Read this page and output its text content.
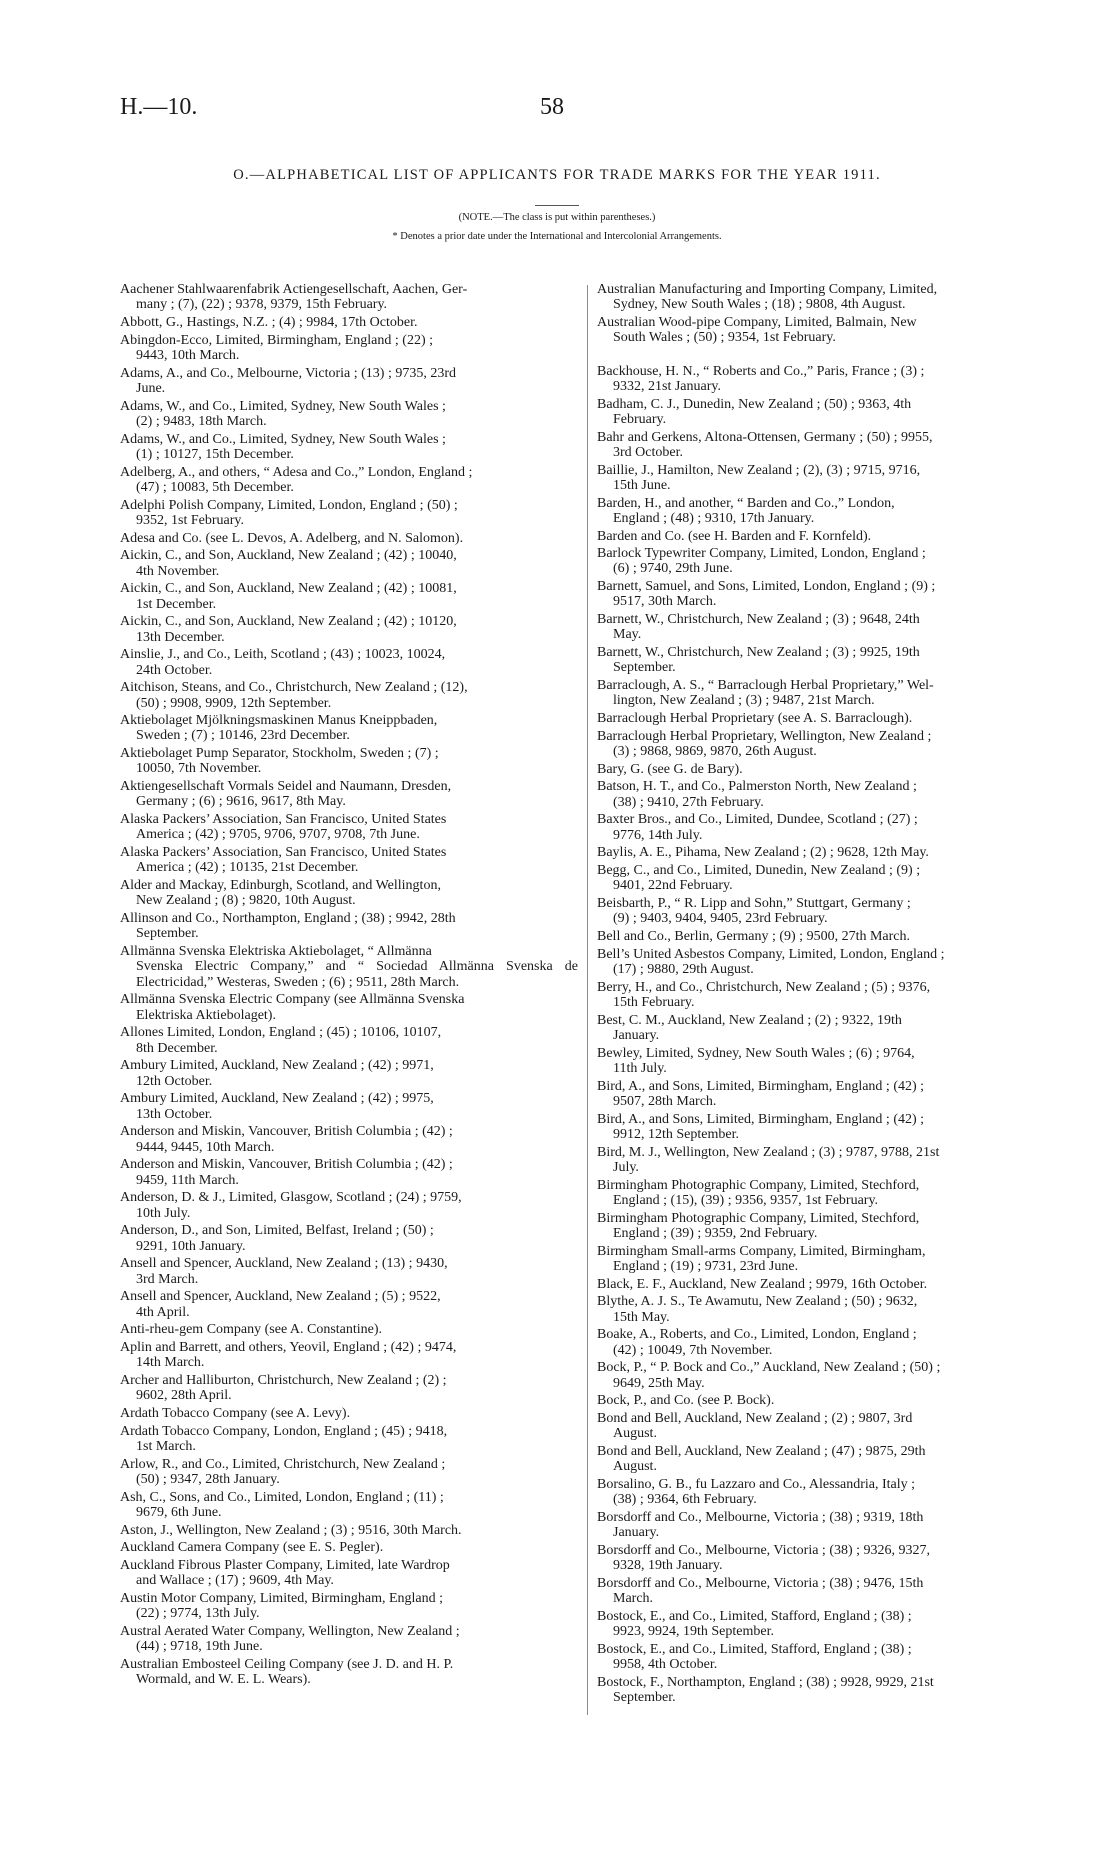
H.—10.	58
O.—ALPHABETICAL LIST OF APPLICANTS FOR TRADE MARKS FOR THE YEAR 1911.
(NOTE.—The class is put within parentheses.)
* Denotes a prior date under the International and Intercolonial Arrangements.
Aachener Stahlwaarenfabrik Actiengesellschaft, Aachen, Ger-
many ; (7), (22) ; 9378, 9379, 15th February.
Abbott, G., Hastings, N.Z. ; (4) ; 9984, 17th October.
Abingdon-Ecco, Limited, Birmingham, England ; (22) ;
9443, 10th March.
Adams, A., and Co., Melbourne, Victoria ; (13) ; 9735, 23rd
June.
Adams, W., and Co., Limited, Sydney, New South Wales ;
(2) ; 9483, 18th March.
Adams, W., and Co., Limited, Sydney, New South Wales ;
(1) ; 10127, 15th December.
Adelberg, A., and others, “ Adesa and Co.,” London, England ;
(47) ; 10083, 5th December.
Adelphi Polish Company, Limited, London, England ; (50) ;
9352, 1st February.
Adesa and Co. (see L. Devos, A. Adelberg, and N. Salomon).
Aickin, C., and Son, Auckland, New Zealand ; (42) ; 10040,
4th November.
Aickin, C., and Son, Auckland, New Zealand ; (42) ; 10081,
1st December.
Aickin, C., and Son, Auckland, New Zealand ; (42) ; 10120,
13th December.
Ainslie, J., and Co., Leith, Scotland ; (43) ; 10023, 10024,
24th October.
Aitchison, Steans, and Co., Christchurch, New Zealand ; (12),
(50) ; 9908, 9909, 12th September.
Aktiebolaget Mjölkningsmaskinen Manus Kneippbaden,
Sweden ; (7) ; 10146, 23rd December.
Aktiebolaget Pump Separator, Stockholm, Sweden ; (7) ;
10050, 7th November.
Aktiengesellschaft Vormals Seidel and Naumann, Dresden,
Germany ; (6) ; 9616, 9617, 8th May.
Alaska Packers’ Association, San Francisco, United States
America ; (42) ; 9705, 9706, 9707, 9708, 7th June.
Alaska Packers’ Association, San Francisco, United States
America ; (42) ; 10135, 21st December.
Alder and Mackay, Edinburgh, Scotland, and Wellington,
New Zealand ; (8) ; 9820, 10th August.
Allinson and Co., Northampton, England ; (38) ; 9942, 28th
September.
Allmänna Svenska Elektriska Aktiebolaget, “ Allmänna
Svenska Electric Company,” and “ Sociedad Allmänna Svenska de Electricidad,” Westeras, Sweden ; (6) ; 9511, 28th March.
Allmänna Svenska Electric Company (see Allmänna Svenska
Elektriska Aktiebolaget).
Allones Limited, London, England ; (45) ; 10106, 10107,
8th December.
Ambury Limited, Auckland, New Zealand ; (42) ; 9971,
12th October.
Ambury Limited, Auckland, New Zealand ; (42) ; 9975,
13th October.
Anderson and Miskin, Vancouver, British Columbia ; (42) ;
9444, 9445, 10th March.
Anderson and Miskin, Vancouver, British Columbia ; (42) ;
9459, 11th March.
Anderson, D. & J., Limited, Glasgow, Scotland ; (24) ; 9759,
10th July.
Anderson, D., and Son, Limited, Belfast, Ireland ; (50) ;
9291, 10th January.
Ansell and Spencer, Auckland, New Zealand ; (13) ; 9430,
3rd March.
Ansell and Spencer, Auckland, New Zealand ; (5) ; 9522,
4th April.
Anti-rheu-gem Company (see A. Constantine).
Aplin and Barrett, and others, Yeovil, England ; (42) ; 9474,
14th March.
Archer and Halliburton, Christchurch, New Zealand ; (2) ;
9602, 28th April.
Ardath Tobacco Company (see A. Levy).
Ardath Tobacco Company, London, England ; (45) ; 9418,
1st March.
Arlow, R., and Co., Limited, Christchurch, New Zealand ;
(50) ; 9347, 28th January.
Ash, C., Sons, and Co., Limited, London, England ; (11) ;
9679, 6th June.
Aston, J., Wellington, New Zealand ; (3) ; 9516, 30th March.
Auckland Camera Company (see E. S. Pegler).
Auckland Fibrous Plaster Company, Limited, late Wardrop
and Wallace ; (17) ; 9609, 4th May.
Austin Motor Company, Limited, Birmingham, England ;
(22) ; 9774, 13th July.
Austral Aerated Water Company, Wellington, New Zealand ;
(44) ; 9718, 19th June.
Australian Embosteel Ceiling Company (see J. D. and H. P.
Wormald, and W. E. L. Wears).
Australian Manufacturing and Importing Company, Limited,
Sydney, New South Wales ; (18) ; 9808, 4th August.
Australian Wood-pipe Company, Limited, Balmain, New
South Wales ; (50) ; 9354, 1st February.
Backhouse, H. N., “ Roberts and Co.,” Paris, France ; (3) ;
9332, 21st January.
Badham, C. J., Dunedin, New Zealand ; (50) ; 9363, 4th
February.
Bahr and Gerkens, Altona-Ottensen, Germany ; (50) ; 9955,
3rd October.
Baillie, J., Hamilton, New Zealand ; (2), (3) ; 9715, 9716,
15th June.
Barden, H., and another, “ Barden and Co.,” London,
England ; (48) ; 9310, 17th January.
Barden and Co. (see H. Barden and F. Kornfeld).
Barlock Typewriter Company, Limited, London, England ;
(6) ; 9740, 29th June.
Barnett, Samuel, and Sons, Limited, London, England ; (9) ;
9517, 30th March.
Barnett, W., Christchurch, New Zealand ; (3) ; 9648, 24th
May.
Barnett, W., Christchurch, New Zealand ; (3) ; 9925, 19th
September.
Barraclough, A. S., “ Barraclough Herbal Proprietary,” Wel-
lington, New Zealand ; (3) ; 9487, 21st March.
Barraclough Herbal Proprietary (see A. S. Barraclough).
Barraclough Herbal Proprietary, Wellington, New Zealand ;
(3) ; 9868, 9869, 9870, 26th August.
Bary, G. (see G. de Bary).
Batson, H. T., and Co., Palmerston North, New Zealand ;
(38) ; 9410, 27th February.
Baxter Bros., and Co., Limited, Dundee, Scotland ; (27) ;
9776, 14th July.
Baylis, A. E., Pihama, New Zealand ; (2) ; 9628, 12th May.
Begg, C., and Co., Limited, Dunedin, New Zealand ; (9) ;
9401, 22nd February.
Beisbarth, P., “ R. Lipp and Sohn,” Stuttgart, Germany ;
(9) ; 9403, 9404, 9405, 23rd February.
Bell and Co., Berlin, Germany ; (9) ; 9500, 27th March.
Bell’s United Asbestos Company, Limited, London, England ;
(17) ; 9880, 29th August.
Berry, H., and Co., Christchurch, New Zealand ; (5) ; 9376,
15th February.
Best, C. M., Auckland, New Zealand ; (2) ; 9322, 19th
January.
Bewley, Limited, Sydney, New South Wales ; (6) ; 9764,
11th July.
Bird, A., and Sons, Limited, Birmingham, England ; (42) ;
9507, 28th March.
Bird, A., and Sons, Limited, Birmingham, England ; (42) ;
9912, 12th September.
Bird, M. J., Wellington, New Zealand ; (3) ; 9787, 9788, 21st
July.
Birmingham Photographic Company, Limited, Stechford,
England ; (15), (39) ; 9356, 9357, 1st February.
Birmingham Photographic Company, Limited, Stechford,
England ; (39) ; 9359, 2nd February.
Birmingham Small-arms Company, Limited, Birmingham,
England ; (19) ; 9731, 23rd June.
Black, E. F., Auckland, New Zealand ; 9979, 16th October.
Blythe, A. J. S., Te Awamutu, New Zealand ; (50) ; 9632,
15th May.
Boake, A., Roberts, and Co., Limited, London, England ;
(42) ; 10049, 7th November.
Bock, P., “ P. Bock and Co.,” Auckland, New Zealand ; (50) ;
9649, 25th May.
Bock, P., and Co. (see P. Bock).
Bond and Bell, Auckland, New Zealand ; (2) ; 9807, 3rd
August.
Bond and Bell, Auckland, New Zealand ; (47) ; 9875, 29th
August.
Borsalino, G. B., fu Lazzaro and Co., Alessandria, Italy ;
(38) ; 9364, 6th February.
Borsdorff and Co., Melbourne, Victoria ; (38) ; 9319, 18th
January.
Borsdorff and Co., Melbourne, Victoria ; (38) ; 9326, 9327,
9328, 19th January.
Borsdorff and Co., Melbourne, Victoria ; (38) ; 9476, 15th
March.
Bostock, E., and Co., Limited, Stafford, England ; (38) ;
9923, 9924, 19th September.
Bostock, E., and Co., Limited, Stafford, England ; (38) ;
9958, 4th October.
Bostock, F., Northampton, England ; (38) ; 9928, 9929, 21st
September.
